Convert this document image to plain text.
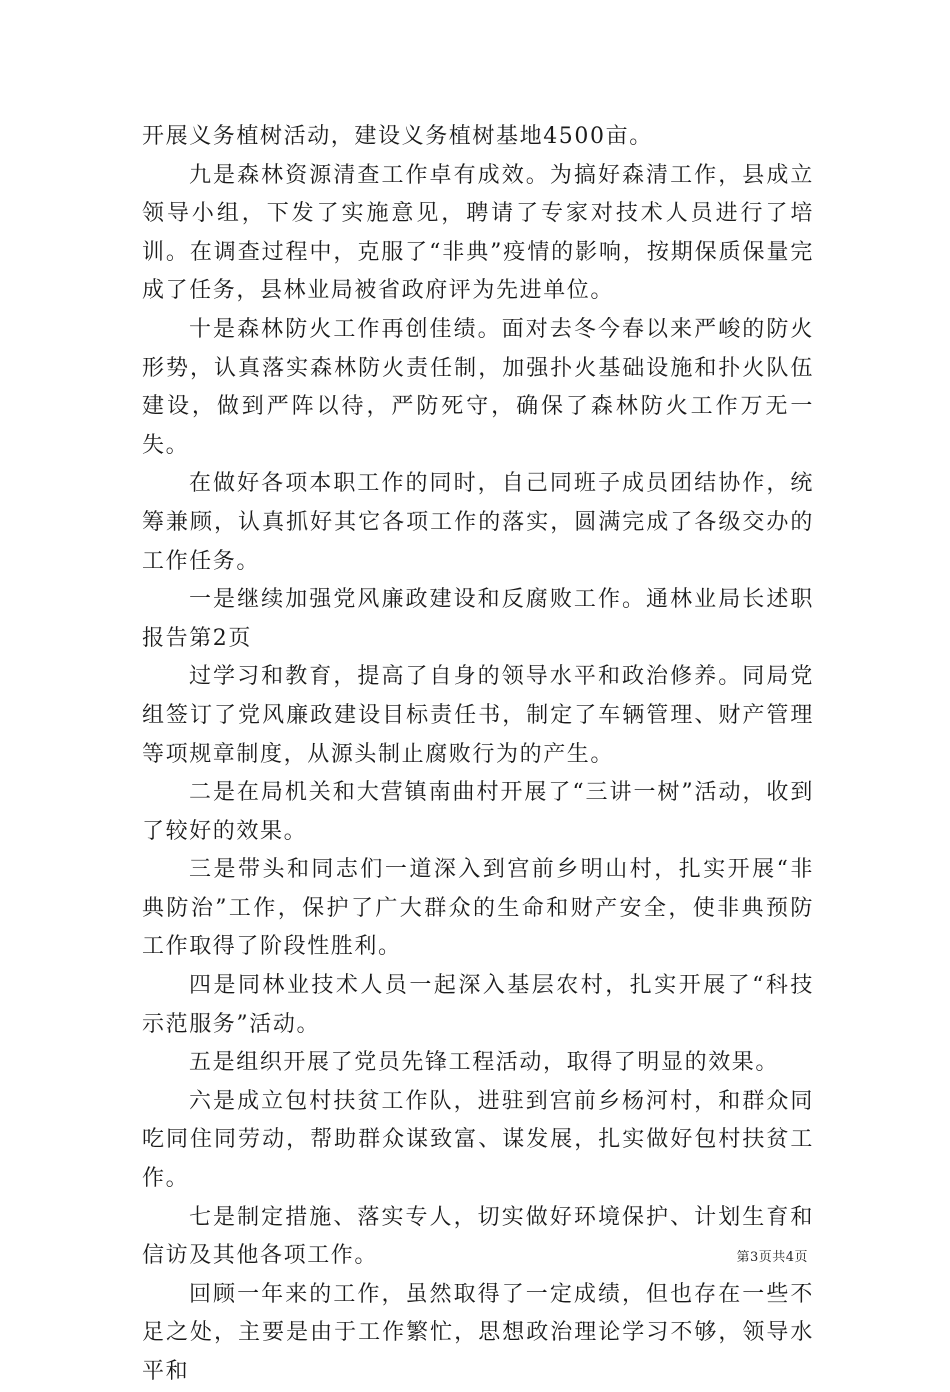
开展义务植树活动，建设义务植树基地4500亩。

九是森林资源清查工作卓有成效。为搞好森清工作，县成立领导小组，下发了实施意见，聘请了专家对技术人员进行了培训。在调查过程中，克服了“非典”疫情的影响，按期保质保量完成了任务，县林业局被省政府评为先进单位。

十是森林防火工作再创佳绩。面对去冬今春以来严峻的防火形势，认真落实森林防火责任制，加强扑火基础设施和扑火队伍建设，做到严阵以待，严防死守，确保了森林防火工作万无一失。

在做好各项本职工作的同时，自己同班子成员团结协作，统筹兼顾，认真抓好其它各项工作的落实，圆满完成了各级交办的工作任务。

一是继续加强党风廉政建设和反腐败工作。通林业局长述职报告第2页

过学习和教育，提高了自身的领导水平和政治修养。同局党组签订了党风廉政建设目标责任书，制定了车辆管理、财产管理等项规章制度，从源头制止腐败行为的产生。

二是在局机关和大营镇南曲村开展了“三讲一树”活动，收到了较好的效果。

三是带头和同志们一道深入到宫前乡明山村，扎实开展“非典防治”工作，保护了广大群众的生命和财产安全，使非典预防工作取得了阶段性胜利。

四是同林业技术人员一起深入基层农村，扎实开展了“科技示范服务”活动。

五是组织开展了党员先锋工程活动，取得了明显的效果。

六是成立包村扶贫工作队，进驻到宫前乡杨河村，和群众同吃同住同劳动，帮助群众谋致富、谋发展，扎实做好包村扶贫工作。

七是制定措施、落实专人，切实做好环境保护、计划生育和信访及其他各项工作。

回顾一年来的工作，虽然取得了一定成绩，但也存在一些不足之处，主要是由于工作繁忙，思想政治理论学习不够，领导水平和

第3页共4页
